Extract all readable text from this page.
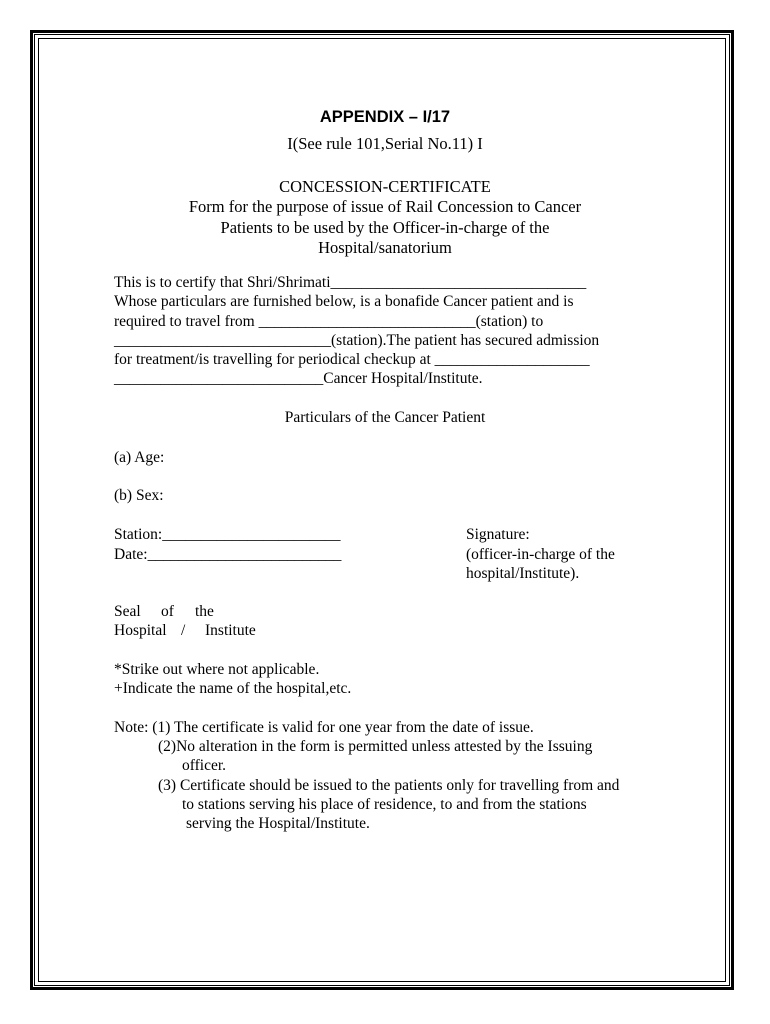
APPENDIX – I/17
I(See rule 101,Serial No.11) I
CONCESSION-CERTIFICATE
Form for the purpose of issue of Rail Concession to Cancer
Patients to be used by the Officer-in-charge of the
Hospital/sanatorium
This is to certify that Shri/Shrimati_________________________________
Whose particulars are furnished below, is a bonafide Cancer patient and is
required to travel from ____________________________(station) to
____________________________(station).The patient has secured admission
for treatment/is travelling for periodical checkup at ____________________
___________________________Cancer Hospital/Institute.
Particulars of the Cancer Patient
(a) Age:
(b) Sex:
Station:_______________________
Date:_________________________
Signature:
(officer-in-charge of the
hospital/Institute).
Seal of the
Hospital / Institute
*Strike out where not applicable.
+Indicate the name of the hospital,etc.
Note: (1) The certificate is valid for one year from the date of issue.
(2)No alteration in the form is permitted unless attested by the Issuing
officer.
(3) Certificate should be issued to the patients only for travelling from and
to stations serving his place of residence, to and from the stations
serving the Hospital/Institute.
